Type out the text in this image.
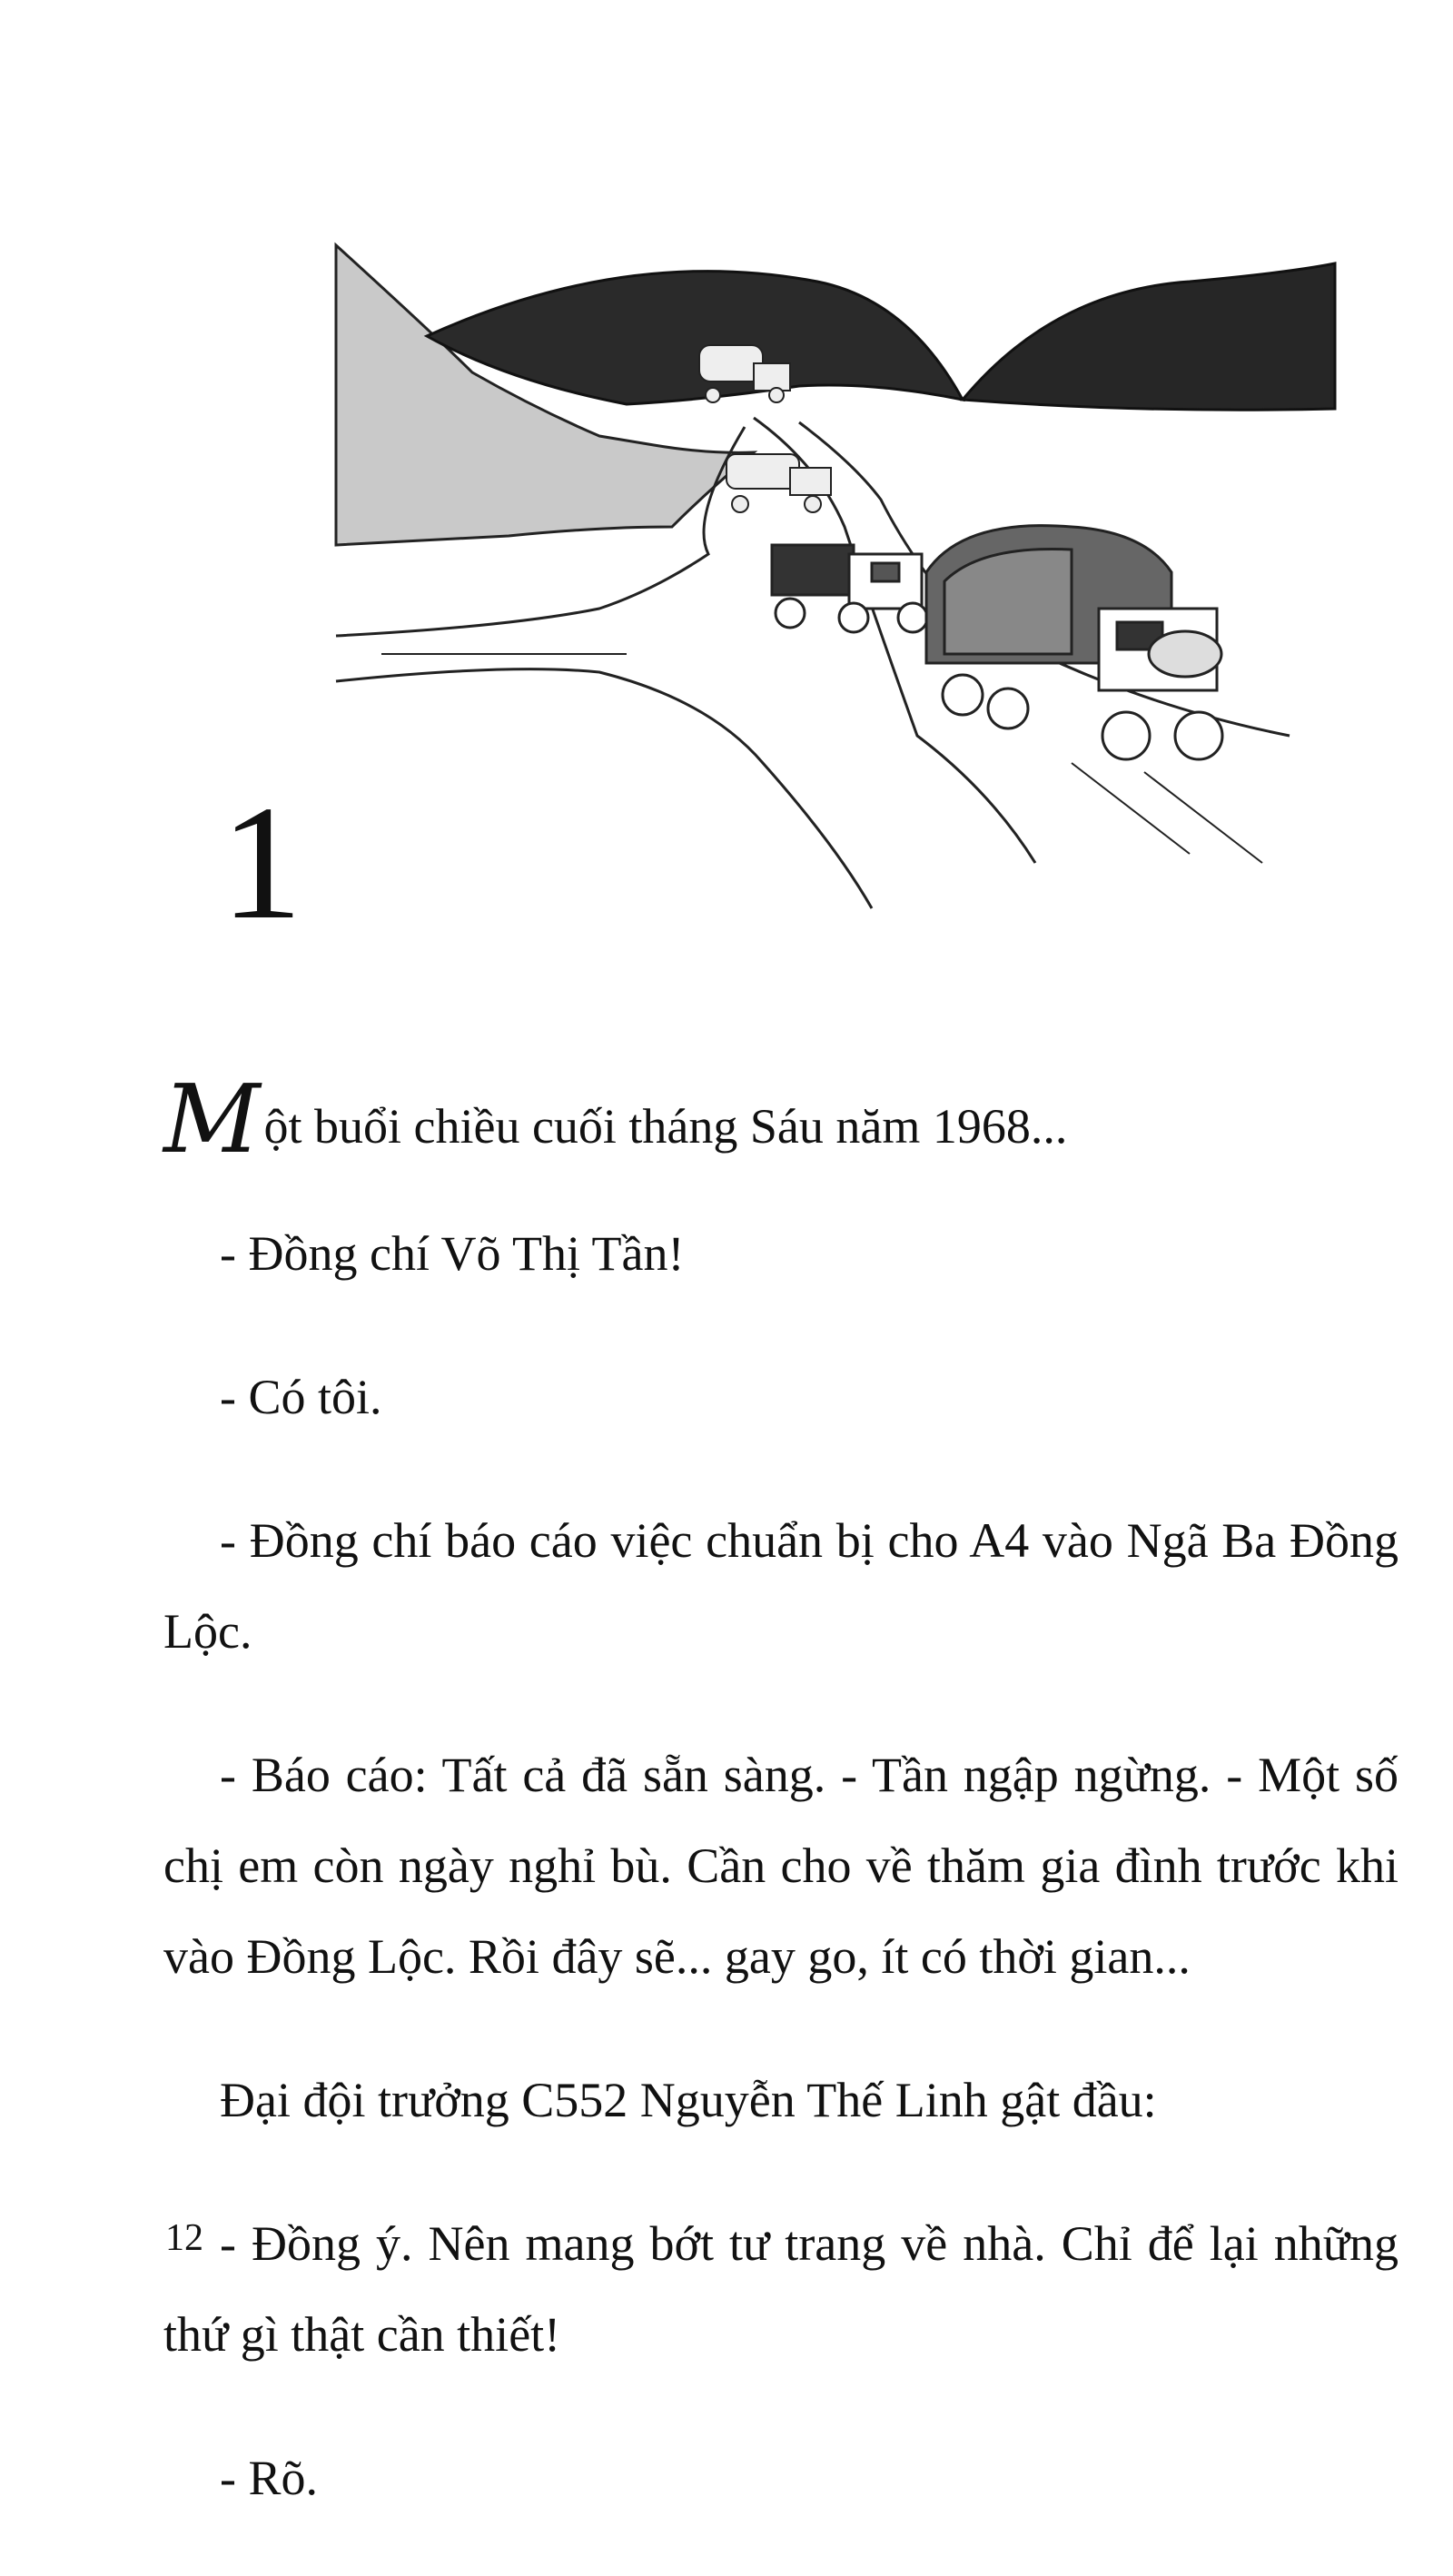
1

Một buổi chiều cuối tháng Sáu năm 1968...

- Đồng chí Võ Thị Tần!

- Có tôi.

- Đồng chí báo cáo việc chuẩn bị cho A4 vào Ngã Ba Đồng Lộc.

- Báo cáo: Tất cả đã sẵn sàng. - Tần ngập ngừng. - Một số chị em còn ngày nghỉ bù. Cần cho về thăm gia đình trước khi vào Đồng Lộc. Rồi đây sẽ... gay go, ít có thời gian...

Đại đội trưởng C552 Nguyễn Thế Linh gật đầu:

- Đồng ý. Nên mang bớt tư trang về nhà. Chỉ để lại những thứ gì thật cần thiết!

- Rõ.

12
